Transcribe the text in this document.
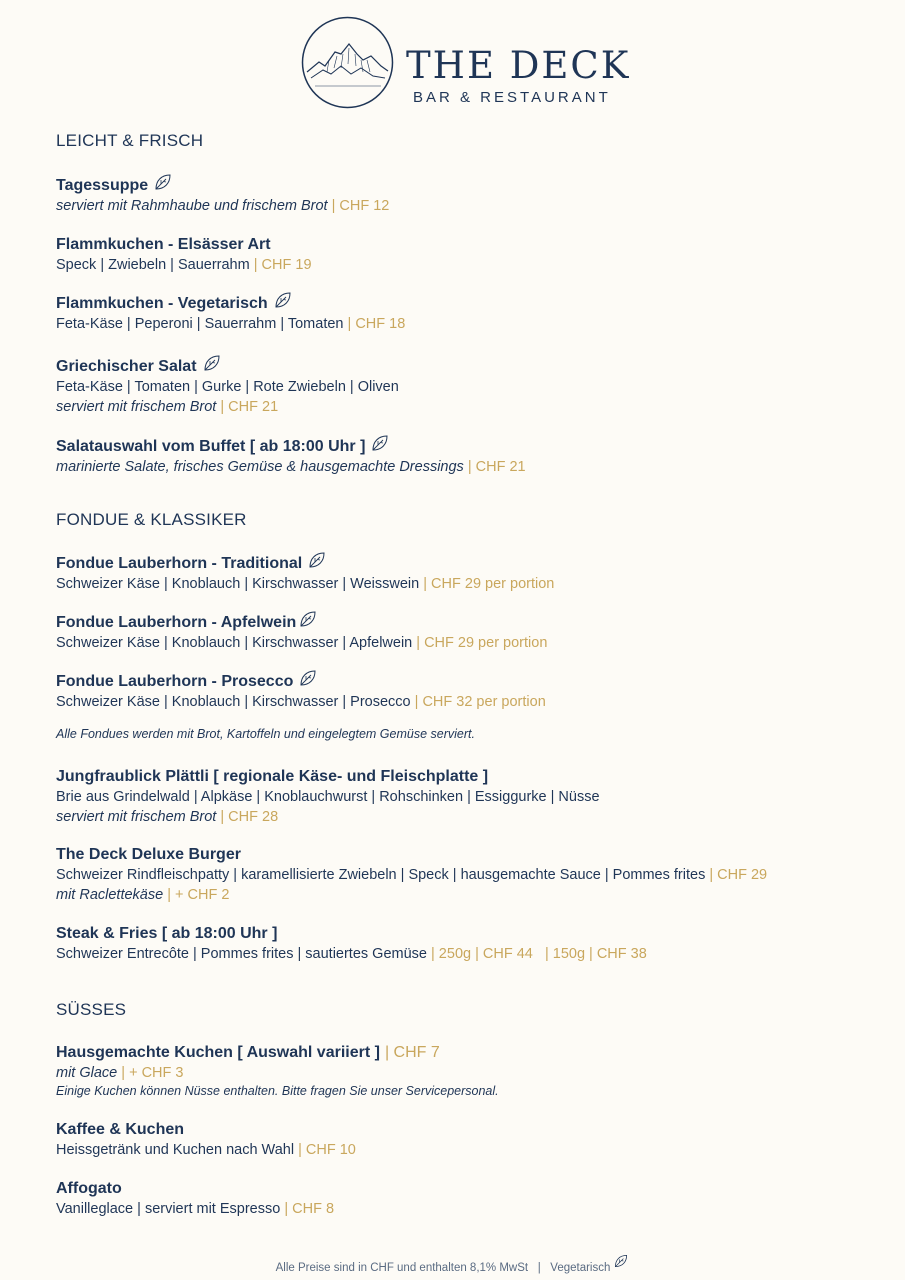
THE DECK
BAR & RESTAURANT
LEICHT & FRISCH
Tagessuppe
serviert mit Rahmhaube und frischem Brot | CHF 12
Flammkuchen - Elsässer Art
Speck | Zwiebeln | Sauerrahm | CHF 19
Flammkuchen - Vegetarisch
Feta-Käse | Peperoni | Sauerrahm | Tomaten | CHF 18
Griechischer Salat
Feta-Käse | Tomaten | Gurke | Rote Zwiebeln | Oliven
serviert mit frischem Brot | CHF 21
Salatauswahl vom Buffet [ ab 18:00 Uhr ]
marinierte Salate, frisches Gemüse & hausgemachte Dressings | CHF 21
FONDUE & KLASSIKER
Fondue Lauberhorn - Traditional
Schweizer Käse | Knoblauch | Kirschwasser | Weisswein | CHF 29 per portion
Fondue Lauberhorn - Apfelwein
Schweizer Käse | Knoblauch | Kirschwasser | Apfelwein | CHF 29 per portion
Fondue Lauberhorn - Prosecco
Schweizer Käse | Knoblauch | Kirschwasser | Prosecco | CHF 32 per portion
Alle Fondues werden mit Brot, Kartoffeln und eingelegtem Gemüse serviert.
Jungfraublick Plättli [ regionale Käse- und Fleischplatte ]
Brie aus Grindelwald | Alpkäse | Knoblauchwurst | Rohschinken | Essiggurke | Nüsse
serviert mit frischem Brot | CHF 28
The Deck Deluxe Burger
Schweizer Rindfleischpatty | karamellisierte Zwiebeln | Speck | hausgemachte Sauce | Pommes frites | CHF 29
mit Raclettekäse | + CHF 2
Steak & Fries [ ab 18:00 Uhr ]
Schweizer Entrecôte | Pommes frites | sautiertes Gemüse | 250g | CHF 44 | 150g | CHF 38
SÜSSES
Hausgemachte Kuchen [ Auswahl variiert ] | CHF 7
mit Glace | + CHF 3
Einige Kuchen können Nüsse enthalten. Bitte fragen Sie unser Servicepersonal.
Kaffee & Kuchen
Heissgetränk und Kuchen nach Wahl | CHF 10
Affogato
Vanilleglace | serviert mit Espresso | CHF 8
Alle Preise sind in CHF und enthalten 8,1% MwSt | Vegetarisch
